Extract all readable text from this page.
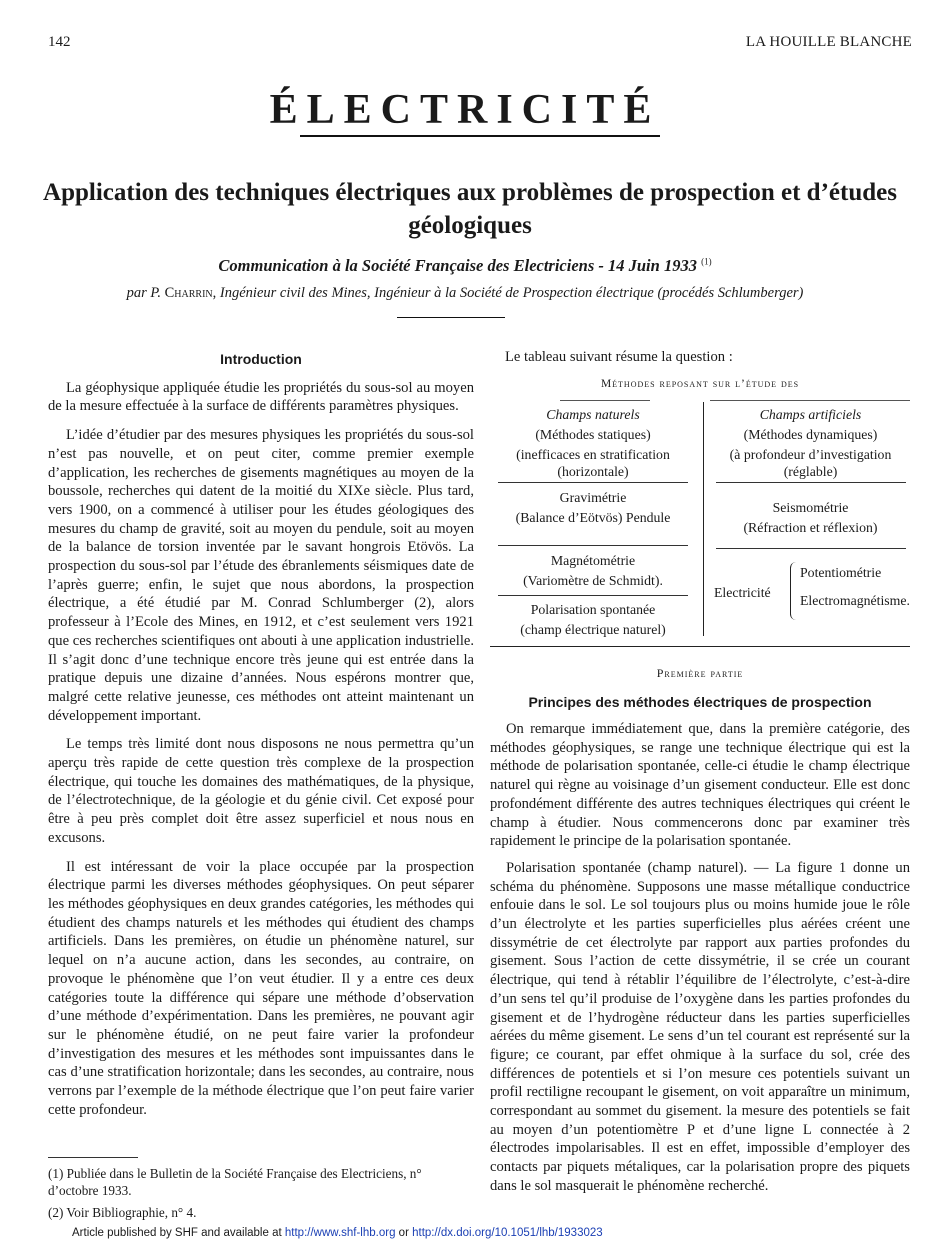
142	LA HOUILLE BLANCHE
ÉLECTRICITÉ
Application des techniques électriques aux problèmes de prospection et d’études géologiques
Communication à la Société Française des Electriciens - 14 Juin 1933 $^{(1)}$
par P. Charrin, Ingénieur civil des Mines, Ingénieur à la Société de Prospection électrique (procédés Schlumberger)
Introduction

La géophysique appliquée étudie les propriétés du sous-sol au moyen de la mesure effectuée à la surface de différents paramètres physiques.

L’idée d’étudier par des mesures physiques les propriétés du sous-sol n’est pas nouvelle, et on peut citer, comme premier exemple d’application, les recherches de gisements magnétiques au moyen de la boussole, recherches qui datent de la moitié du XIXe siècle. Plus tard, vers 1900, on a commencé à utiliser pour les études géologiques des mesures du champ de gravité, soit au moyen du pendule, soit au moyen de la balance de torsion inventée par le savant hongrois Etövös. La prospection du sous-sol par l’étude des ébranlements séismiques date de l’après guerre; enfin, le sujet que nous abordons, la prospection électrique, a été étudié par M. Conrad Schlumberger (2), alors professeur à l’Ecole des Mines, en 1912, et c’est seulement vers 1921 que ces recherches scientifiques ont abouti à une application industrielle. Il s’agit donc d’une technique encore très jeune qui est entrée dans la pratique depuis une dizaine d’années. Nous espérons montrer que, malgré cette relative jeunesse, ces méthodes ont atteint maintenant un développement important.

Le temps très limité dont nous disposons ne nous permettra qu’un aperçu très rapide de cette question très complexe de la prospection électrique, qui touche les domaines des mathématiques, de la physique, de l’électrotechnique, de la géologie et du génie civil. Cet exposé pour être à peu près complet doit être assez superficiel et nous nous en excusons.

Il est intéressant de voir la place occupée par la prospection électrique parmi les diverses méthodes géophysiques. On peut séparer les méthodes géophysiques en deux grandes catégories, les méthodes qui étudient des champs naturels et les méthodes qui étudient des champs artificiels. Dans les premières, on étudie un phénomène naturel, sur lequel on n’a aucune action, dans les secondes, au contraire, on provoque le phénomène que l’on veut étudier. Il y a entre ces deux catégories toute la différence qui sépare une méthode d’observation d’une méthode d’expérimentation. Dans les premières, ne pouvant agir sur le phénomène étudié, on ne peut faire varier la profondeur d’investigation des mesures et les méthodes sont impuissantes dans le cas d’une stratification horizontale; dans les secondes, au contraire, nous verrons par l’exemple de la méthode électrique que l’on peut faire varier cette profondeur.

(1) Publiée dans le Bulletin de la Société Française des Electriciens, n° d’octobre 1933.
(2) Voir Bibliographie, n° 4.
Le tableau suivant résume la question :
Méthodes reposant sur l’étude des
Champs naturels
(Méthodes statiques)
(inefficaces en stratification (horizontale)
Gravimétrie
(Balance d’Eötvös) Pendule
Magnétométrie
(Variomètre de Schmidt).
Polarisation spontanée
(champ électrique naturel)
Champs artificiels
(Méthodes dynamiques)
(à profondeur d’investigation (réglable)
Seismométrie
(Réfraction et réflexion)
Electricité
Potentiométrie
Electromagnétisme.
Première partie
Principes des méthodes électriques de prospection

On remarque immédiatement que, dans la première catégorie, des méthodes géophysiques, se range une technique électrique qui est la méthode de polarisation spontanée, celle-ci étudie le champ électrique naturel qui règne au voisinage d’un gisement conducteur. Elle est donc profondément différente des autres techniques électriques qui créent le champ à étudier. Nous commencerons donc par examiner très rapidement le principe de la polarisation spontanée.

Polarisation spontanée (champ naturel). — La figure 1 donne un schéma du phénomène. Supposons une masse métallique conductrice enfouie dans le sol. Le sol toujours plus ou moins humide joue le rôle d’un électrolyte et les parties superficielles plus aérées créent une dissymétrie de cet électrolyte par rapport aux parties profondes du gisement. Sous l’action de cette dissymétrie, il se crée un courant électrique, qui tend à rétablir l’équilibre de l’électrolyte, c’est-à-dire d’un sens tel qu’il produise de l’oxygène dans les parties profondes du gisement et de l’hydrogène réducteur dans les parties superficielles aérées du même gisement. Le sens d’un tel courant est représenté sur la figure; ce courant, par effet ohmique à la surface du sol, crée des différences de potentiels et si l’on mesure ces potentiels suivant un profil rectiligne recoupant le gisement, on voit apparaître un minimum, correspondant au sommet du gisement. la mesure des potentiels se fait au moyen d’un potentiomètre P et d’une ligne L connectée à 2 électrodes impolarisables. Il est en effet, impossible d’employer des contacts par piquets métaliques, car la polarisation propre des piquets dans le sol masquerait le phénomène recherché.

Article published by SHF and available at http://www.shf-lhb.org or http://dx.doi.org/10.1051/lhb/1933023
